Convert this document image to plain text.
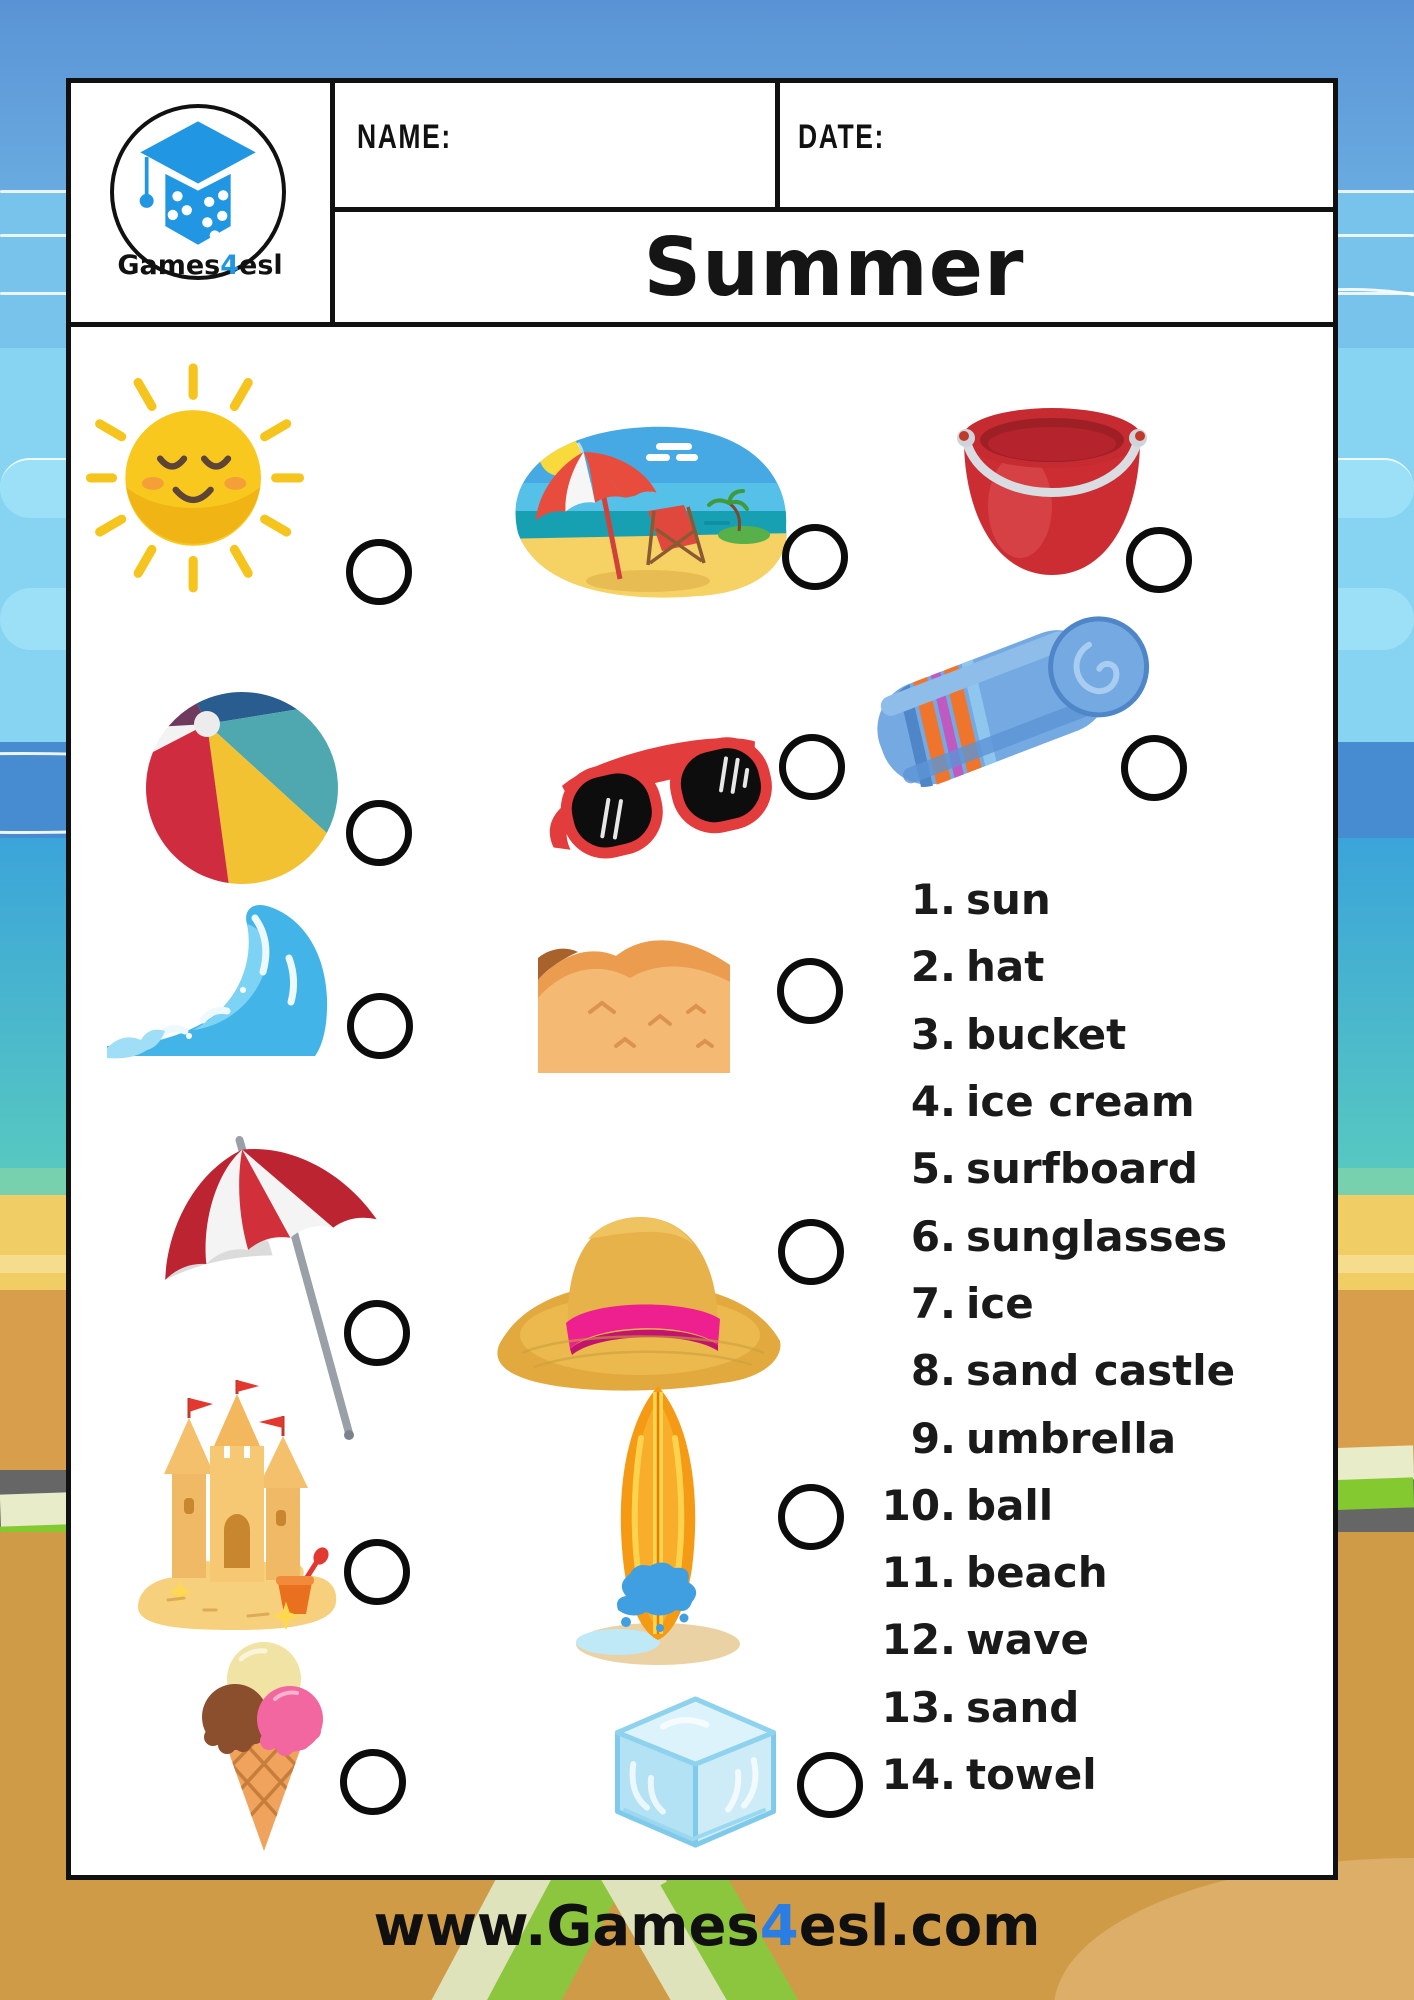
Games4esl
NAME:	DATE:
Summer
1. sun
2. hat
3. bucket
4. ice cream
5. surfboard
6. sunglasses
7. ice
8. sand castle
9. umbrella
10. ball
11. beach
12. wave
13. sand
14. towel
www.Games4esl.com
